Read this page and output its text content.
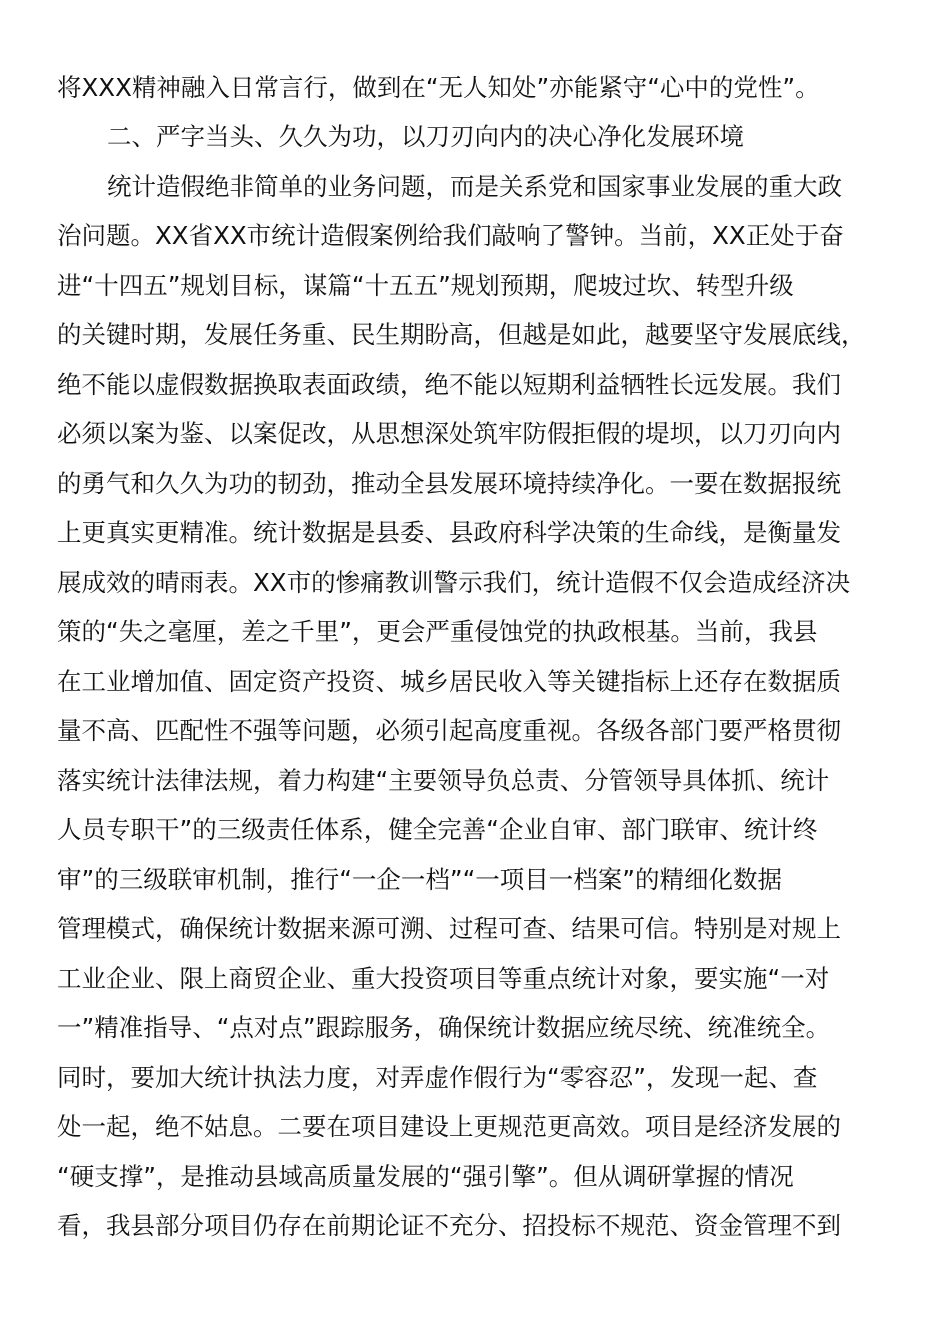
将XXX精神融入日常言行，做到在“无人知处”亦能紧守“心中的党性”。
二、严字当头、久久为功，以刀刃向内的决心净化发展环境
统计造假绝非简单的业务问题，而是关系党和国家事业发展的重大政
治问题。XX省XX市统计造假案例给我们敲响了警钟。当前，XX正处于奋
进“十四五”规划目标，谋篇“十五五”规划预期，爬坡过坎、转型升级
的关键时期，发展任务重、民生期盼高，但越是如此，越要坚守发展底线，
绝不能以虚假数据换取表面政绩，绝不能以短期利益牺牲长远发展。我们
必须以案为鉴、以案促改，从思想深处筑牢防假拒假的堤坝，以刀刃向内
的勇气和久久为功的韧劲，推动全县发展环境持续净化。一要在数据报统
上更真实更精准。统计数据是县委、县政府科学决策的生命线，是衡量发
展成效的晴雨表。XX市的惨痛教训警示我们，统计造假不仅会造成经济决
策的“失之毫厘，差之千里”，更会严重侵蚀党的执政根基。当前，我县
在工业增加值、固定资产投资、城乡居民收入等关键指标上还存在数据质
量不高、匹配性不强等问题，必须引起高度重视。各级各部门要严格贯彻
落实统计法律法规，着力构建“主要领导负总责、分管领导具体抓、统计
人员专职干”的三级责任体系，健全完善“企业自审、部门联审、统计终
审”的三级联审机制，推行“一企一档”“一项目一档案”的精细化数据
管理模式，确保统计数据来源可溯、过程可查、结果可信。特别是对规上
工业企业、限上商贸企业、重大投资项目等重点统计对象，要实施“一对
一”精准指导、“点对点”跟踪服务，确保统计数据应统尽统、统准统全。
同时，要加大统计执法力度，对弄虚作假行为“零容忍”，发现一起、查
处一起，绝不姑息。二要在项目建设上更规范更高效。项目是经济发展的
“硬支撑”，是推动县域高质量发展的“强引擎”。但从调研掌握的情况
看，我县部分项目仍存在前期论证不充分、招投标不规范、资金管理不到
